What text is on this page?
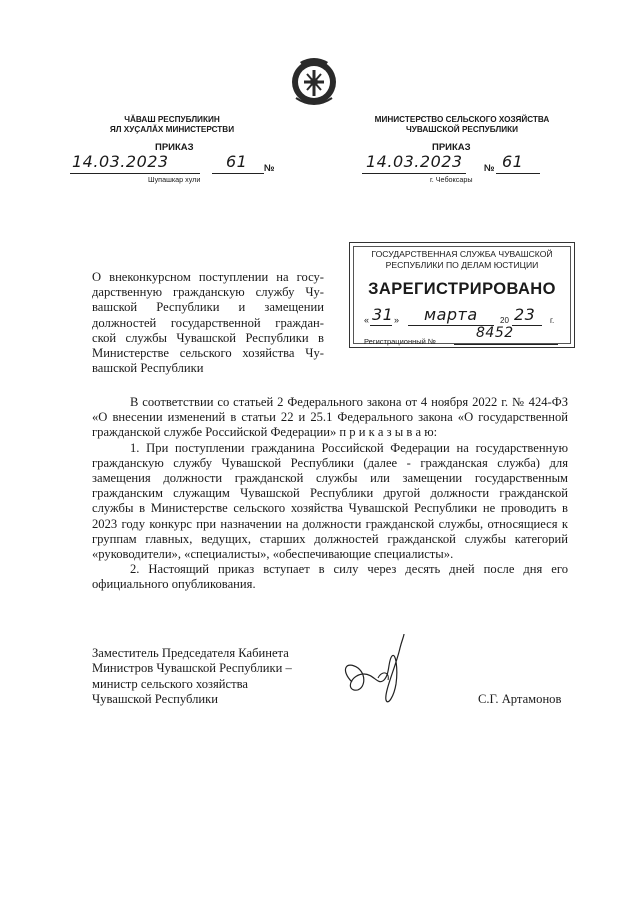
ЧӐВАШ РЕСПУБЛИКИН
ЯЛ ХУҪАЛӐХ МИНИСТЕРСТВИ
МИНИСТЕРСТВО СЕЛЬСКОГО ХОЗЯЙСТВА
ЧУВАШСКОЙ РЕСПУБЛИКИ
ПРИКАЗ	ПРИКАЗ
14.03.2023	61 №
Шупашкар хули
14.03.2023 № 61
г. Чебоксары
ГОСУДАРСТВЕННАЯ СЛУЖБА ЧУВАШСКОЙ
РЕСПУБЛИКИ ПО ДЕЛАМ ЮСТИЦИИ
ЗАРЕГИСТРИРОВАНО
« 31 » марта	20 23 г.
Регистрационный №
8452
О внеконкурсном поступлении на госу-
дарственную гражданскую службу Чу-
вашской Республики и замещении
должностей государственной граждан-
ской службы Чувашской Республики в
Министерстве сельского хозяйства Чу-
вашской Республики

В соответствии со статьей 2 Федерального закона от 4 ноября 2022 г. № 424-ФЗ «О внесении изменений в статьи 22 и 25.1 Федерального закона «О государственной гражданской службе Российской Федерации» п р и к а з ы в а ю:

1. При поступлении гражданина Российской Федерации на государственную гражданскую службу Чувашской Республики (далее - гражданская служба) для замещения должности гражданской службы или замещении государственным гражданским служащим Чувашской Республики другой должности гражданской службы в Министерстве сельского хозяйства Чувашской Республики не проводить в 2023 году конкурс при назначении на должности гражданской службы, относящиеся к группам главных, ведущих, старших должностей гражданской службы категорий «руководители», «специалисты», «обеспечивающие специалисты».

2. Настоящий приказ вступает в силу через десять дней после дня его официального опубликования.

Заместитель Председателя Кабинета
Министров Чувашской Республики –
министр сельского хозяйства
Чувашской Республики	С.Г. Артамонов
